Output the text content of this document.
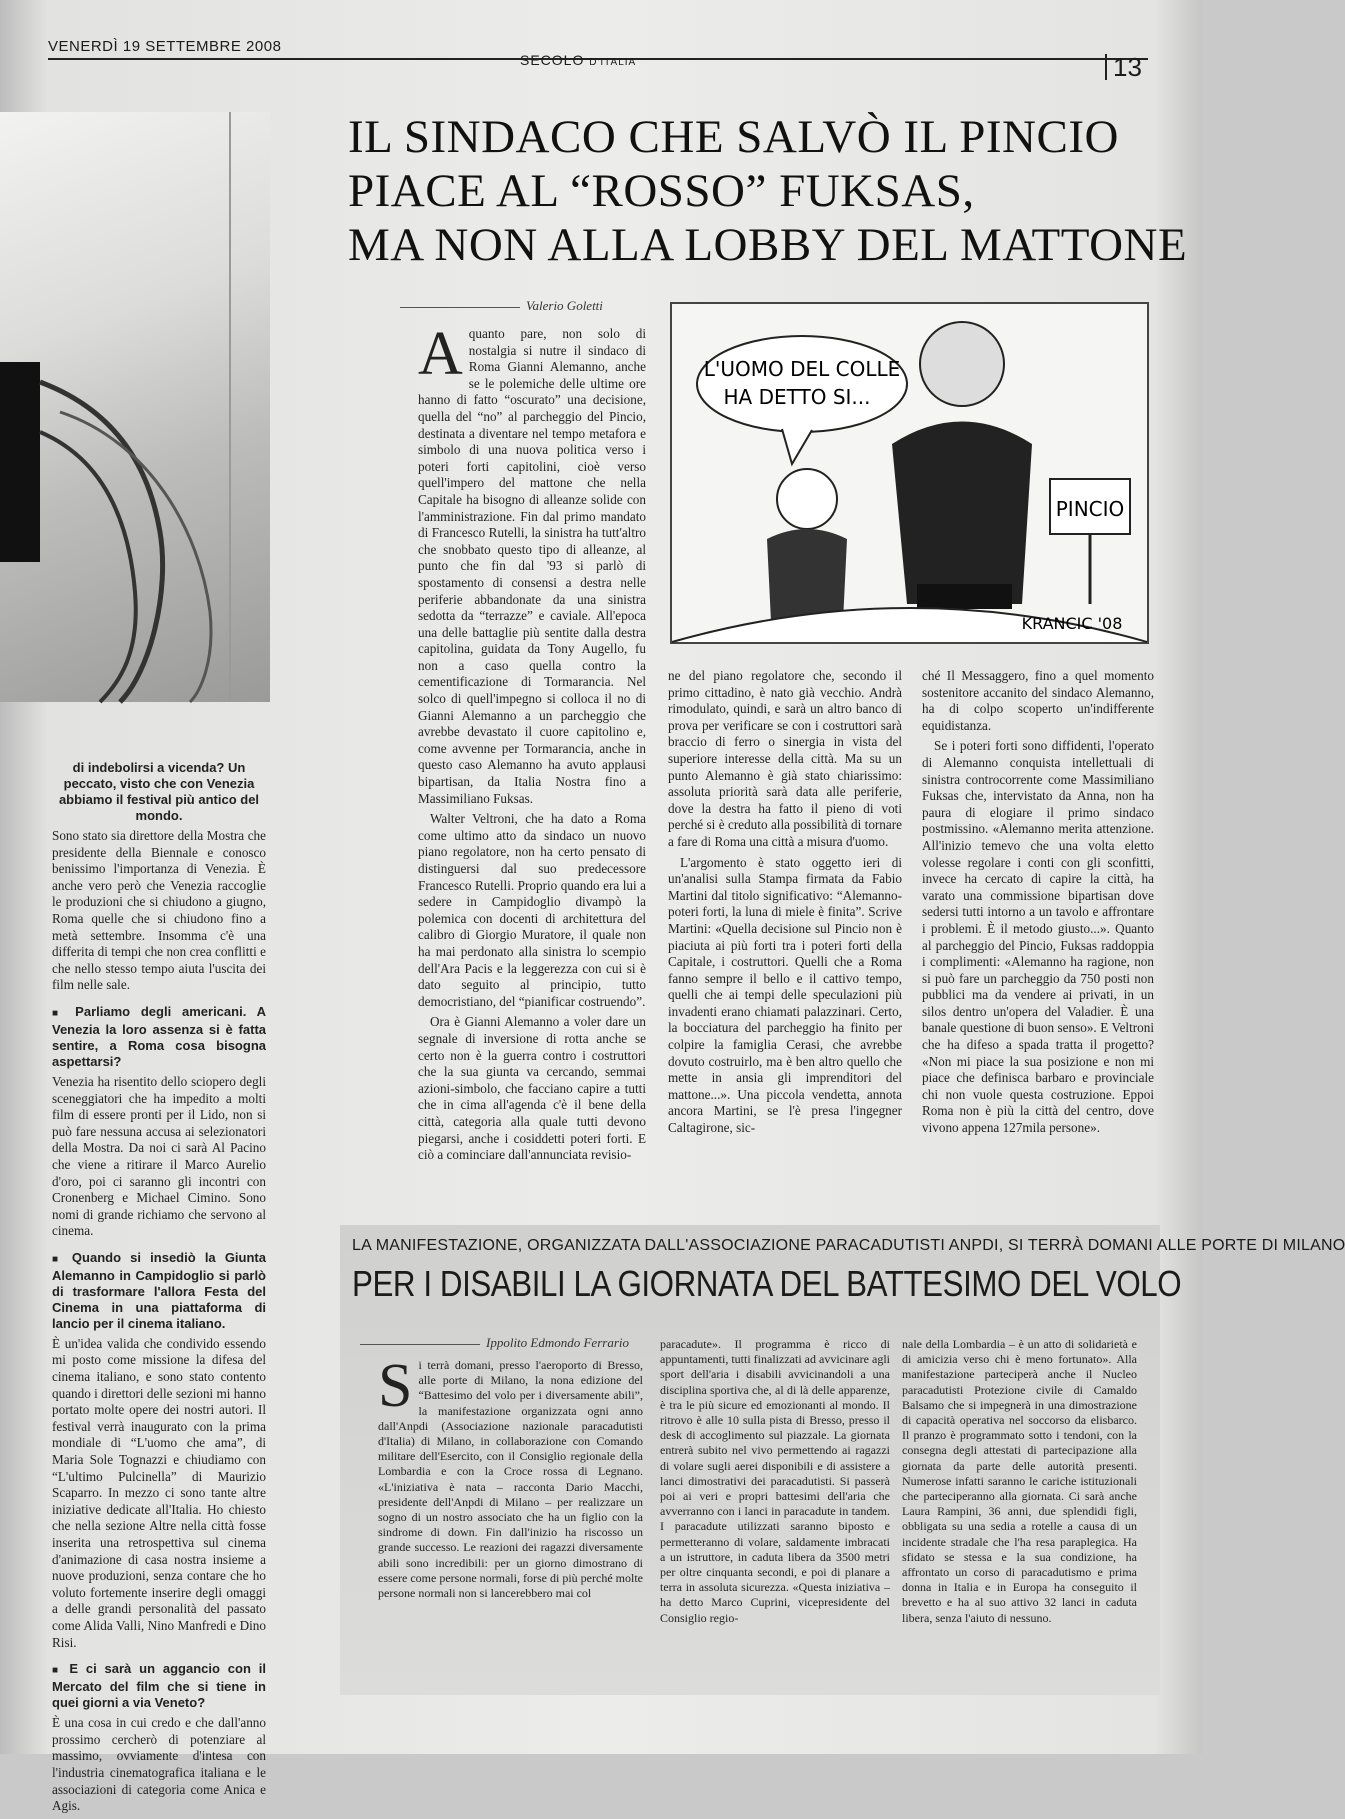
VENERDÌ 19 SETTEMBRE 2008
SECOLO D'ITALIA	13
IL SINDACO CHE SALVÒ IL PINCIO
PIACE AL “ROSSO” FUKSAS,
MA NON ALLA LOBBY DEL MATTONE
Valerio Goletti
L'UOMO DEL COLLE
HA DETTO SI...
PINCIO
KRANCIC '08
di indebolirsi a vicenda? Un peccato, visto che con Venezia abbiamo il festival più antico del mondo.

Sono stato sia direttore della Mostra che presidente della Biennale e conosco benissimo l'importanza di Venezia. È anche vero però che Venezia raccoglie le produzioni che si chiudono a giugno, Roma quelle che si chiudono fino a metà settembre. Insomma c'è una differita di tempi che non crea conflitti e che nello stesso tempo aiuta l'uscita dei film nelle sale.

■ Parliamo degli americani. A Venezia la loro assenza si è fatta sentire, a Roma cosa bisogna aspettarsi?

Venezia ha risentito dello sciopero degli sceneggiatori che ha impedito a molti film di essere pronti per il Lido, non si può fare nessuna accusa ai selezionatori della Mostra. Da noi ci sarà Al Pacino che viene a ritirare il Marco Aurelio d'oro, poi ci saranno gli incontri con Cronenberg e Michael Cimino. Sono nomi di grande richiamo che servono al cinema.

■ Quando si insediò la Giunta Alemanno in Campidoglio si parlò di trasformare l'allora Festa del Cinema in una piattaforma di lancio per il cinema italiano.

È un'idea valida che condivido essendo mi posto come missione la difesa del cinema italiano, e sono stato contento quando i direttori delle sezioni mi hanno portato molte opere dei nostri autori. Il festival verrà inaugurato con la prima mondiale di “L'uomo che ama”, di Maria Sole Tognazzi e chiudiamo con “L'ultimo Pulcinella” di Maurizio Scaparro. In mezzo ci sono tante altre iniziative dedicate all'Italia. Ho chiesto che nella sezione Altre nella città fosse inserita una retrospettiva sul cinema d'animazione di casa nostra insieme a nuove produzioni, senza contare che ho voluto fortemente inserire degli omaggi a delle grandi personalità del passato come Alida Valli, Nino Manfredi e Dino Risi.

■ E ci sarà un aggancio con il Mercato del film che si tiene in quei giorni a via Veneto?

È una cosa in cui credo e che dall'anno prossimo cercherò di potenziare al massimo, ovviamente d'intesa con l'industria cinematografica italiana e le associazioni di categoria come Anica e Agis.

Aquanto pare, non solo di nostalgia si nutre il sindaco di Roma Gianni Alemanno, anche se le polemiche delle ultime ore hanno di fatto “oscurato” una decisione, quella del “no” al parcheggio del Pincio, destinata a diventare nel tempo metafora e simbolo di una nuova politica verso i poteri forti capitolini, cioè verso quell'impero del mattone che nella Capitale ha bisogno di alleanze solide con l'amministrazione. Fin dal primo mandato di Francesco Rutelli, la sinistra ha tutt'altro che snobbato questo tipo di alleanze, al punto che fin dal '93 si parlò di spostamento di consensi a destra nelle periferie abbandonate da una sinistra sedotta da “terrazze” e caviale. All'epoca una delle battaglie più sentite dalla destra capitolina, guidata da Tony Augello, fu non a caso quella contro la cementificazione di Tormarancia. Nel solco di quell'impegno si colloca il no di Gianni Alemanno a un parcheggio che avrebbe devastato il cuore capitolino e, come avvenne per Tormarancia, anche in questo caso Alemanno ha avuto applausi bipartisan, da Italia Nostra fino a Massimiliano Fuksas.

Walter Veltroni, che ha dato a Roma come ultimo atto da sindaco un nuovo piano regolatore, non ha certo pensato di distinguersi dal suo predecessore Francesco Rutelli. Proprio quando era lui a sedere in Campidoglio divampò la polemica con docenti di architettura del calibro di Giorgio Muratore, il quale non ha mai perdonato alla sinistra lo scempio dell'Ara Pacis e la leggerezza con cui si è dato seguito al principio, tutto democristiano, del “pianificar costruendo”.

Ora è Gianni Alemanno a voler dare un segnale di inversione di rotta anche se certo non è la guerra contro i costruttori che la sua giunta va cercando, semmai azioni-simbolo, che facciano capire a tutti che in cima all'agenda c'è il bene della città, categoria alla quale tutti devono piegarsi, anche i cosiddetti poteri forti. E ciò a cominciare dall'annunciata revisio-

ne del piano regolatore che, secondo il primo cittadino, è nato già vecchio. Andrà rimodulato, quindi, e sarà un altro banco di prova per verificare se con i costruttori sarà braccio di ferro o sinergia in vista del superiore interesse della città. Ma su un punto Alemanno è già stato chiarissimo: assoluta priorità sarà data alle periferie, dove la destra ha fatto il pieno di voti perché si è creduto alla possibilità di tornare a fare di Roma una città a misura d'uomo.

L'argomento è stato oggetto ieri di un'analisi sulla Stampa firmata da Fabio Martini dal titolo significativo: “Alemanno-poteri forti, la luna di miele è finita”. Scrive Martini: «Quella decisione sul Pincio non è piaciuta ai più forti tra i poteri forti della Capitale, i costruttori. Quelli che a Roma fanno sempre il bello e il cattivo tempo, quelli che ai tempi delle speculazioni più invadenti erano chiamati palazzinari. Certo, la bocciatura del parcheggio ha finito per colpire la famiglia Cerasi, che avrebbe dovuto costruirlo, ma è ben altro quello che mette in ansia gli imprenditori del mattone...». Una piccola vendetta, annota ancora Martini, se l'è presa l'ingegner Caltagirone, sic-

ché Il Messaggero, fino a quel momento sostenitore accanito del sindaco Alemanno, ha di colpo scoperto un'indifferente equidistanza.

Se i poteri forti sono diffidenti, l'operato di Alemanno conquista intellettuali di sinistra controcorrente come Massimiliano Fuksas che, intervistato da Anna, non ha paura di elogiare il primo sindaco postmissino. «Alemanno merita attenzione. All'inizio temevo che una volta eletto volesse regolare i conti con gli sconfitti, invece ha cercato di capire la città, ha varato una commissione bipartisan dove sedersi tutti intorno a un tavolo e affrontare i problemi. È il metodo giusto...». Quanto al parcheggio del Pincio, Fuksas raddoppia i complimenti: «Alemanno ha ragione, non si può fare un parcheggio da 750 posti non pubblici ma da vendere ai privati, in un silos dentro un'opera del Valadier. È una banale questione di buon senso». E Veltroni che ha difeso a spada tratta il progetto? «Non mi piace la sua posizione e non mi piace che definisca barbaro e provinciale chi non vuole questa costruzione. Eppoi Roma non è più la città del centro, dove vivono appena 127mila persone».

LA MANIFESTAZIONE, ORGANIZZATA DALL'ASSOCIAZIONE PARACADUTISTI ANPDI, SI TERRÀ DOMANI ALLE PORTE DI MILANO
PER I DISABILI LA GIORNATA DEL BATTESIMO DEL VOLO
Ippolito Edmondo Ferrario

Si terrà domani, presso l'aeroporto di Bresso, alle porte di Milano, la nona edizione del “Battesimo del volo per i diversamente abili”, la manifestazione organizzata ogni anno dall'Anpdi (Associazione nazionale paracadutisti d'Italia) di Milano, in collaborazione con Comando militare dell'Esercito, con il Consiglio regionale della Lombardia e con la Croce rossa di Legnano. «L'iniziativa è nata – racconta Dario Macchi, presidente dell'Anpdi di Milano – per realizzare un sogno di un nostro associato che ha un figlio con la sindrome di down. Fin dall'inizio ha riscosso un grande successo. Le reazioni dei ragazzi diversamente abili sono incredibili: per un giorno dimostrano di essere come persone normali, forse di più perché molte persone normali non si lancerebbero mai col

paracadute». Il programma è ricco di appuntamenti, tutti finalizzati ad avvicinare agli sport dell'aria i disabili avvicinandoli a una disciplina sportiva che, al di là delle apparenze, è tra le più sicure ed emozionanti al mondo. Il ritrovo è alle 10 sulla pista di Bresso, presso il desk di accoglimento sul piazzale. La giornata entrerà subito nel vivo permettendo ai ragazzi di volare sugli aerei disponibili e di assistere a lanci dimostrativi dei paracadutisti. Si passerà poi ai veri e propri battesimi dell'aria che avverranno con i lanci in paracadute in tandem. I paracadute utilizzati saranno biposto e permetteranno di volare, saldamente imbracati a un istruttore, in caduta libera da 3500 metri per oltre cinquanta secondi, e poi di planare a terra in assoluta sicurezza. «Questa iniziativa – ha detto Marco Cuprini, vicepresidente del Consiglio regio-

nale della Lombardia – è un atto di solidarietà e di amicizia verso chi è meno fortunato». Alla manifestazione parteciperà anche il Nucleo paracadutisti Protezione civile di Camaldo Balsamo che si impegnerà in una dimostrazione di capacità operativa nel soccorso da elisbarco. Il pranzo è programmato sotto i tendoni, con la consegna degli attestati di partecipazione alla giornata da parte delle autorità presenti. Numerose infatti saranno le cariche istituzionali che parteciperanno alla giornata. Ci sarà anche Laura Rampini, 36 anni, due splendidi figli, obbligata su una sedia a rotelle a causa di un incidente stradale che l'ha resa paraplegica. Ha sfidato se stessa e la sua condizione, ha affrontato un corso di paracadutismo e prima donna in Italia e in Europa ha conseguito il brevetto e ha al suo attivo 32 lanci in caduta libera, senza l'aiuto di nessuno.
